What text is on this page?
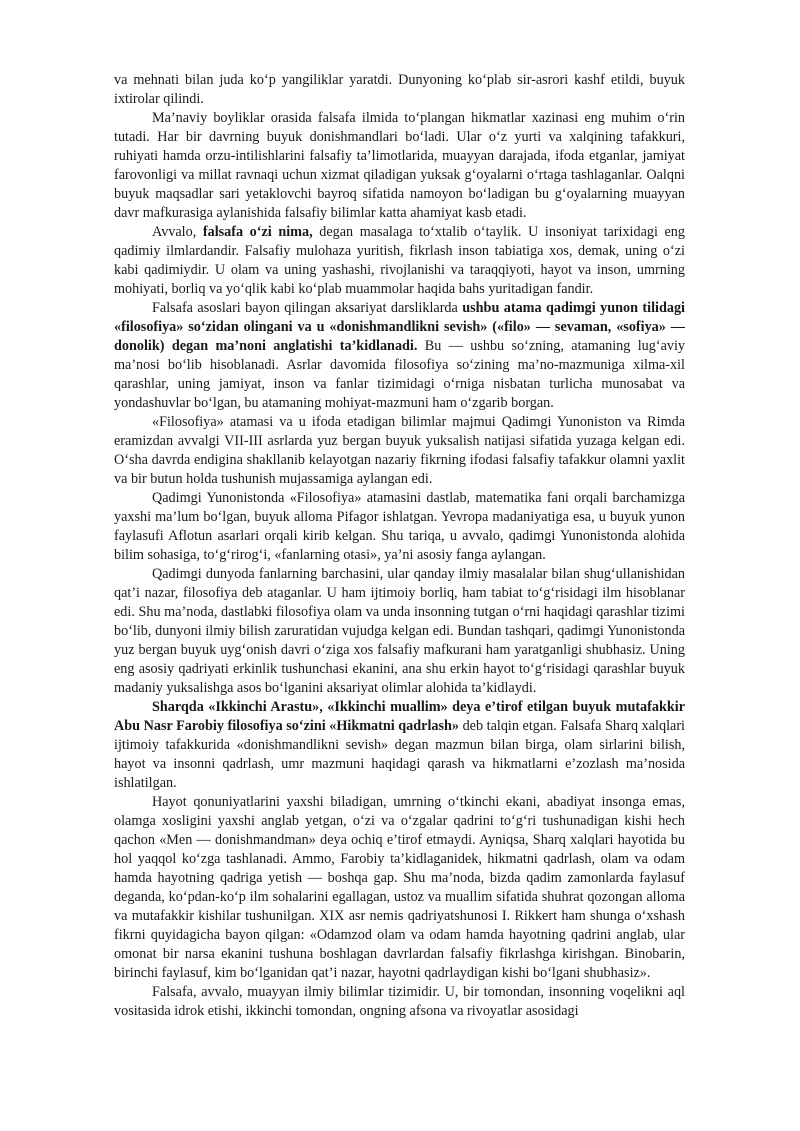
va mehnati bilan juda ko‘p yangiliklar yaratdi. Dunyoning ko‘plab sir-asrori kashf etildi, buyuk ixtirolar qilindi.

Ma’naviy boyliklar orasida falsafa ilmida to‘plangan hikmatlar xazinasi eng muhim o‘rin tutadi. Har bir davrning buyuk donishmandlari bo‘ladi. Ular o‘z yurti va xalqining tafakkuri, ruhiyati hamda orzu-intilishlarini falsafiy ta’limotlarida, muayyan darajada, ifoda etganlar, jamiyat farovonligi va millat ravnaqi uchun xizmat qiladigan yuksak g‘oyalarni o‘rtaga tashlaganlar. Oalqni buyuk maqsadlar sari yetaklovchi bayroq sifatida namoyon bo‘ladigan bu g‘oyalarning muayyan davr mafkurasiga aylanishida falsafiy bilimlar katta ahamiyat kasb etadi.

Avvalo, falsafa o‘zi nima, degan masalaga to‘xtalib o‘taylik. U insoniyat tarixidagi eng qadimiy ilmlardandir. Falsafiy mulohaza yuritish, fikrlash inson tabiatiga xos, demak, uning o‘zi kabi qadimiydir. U olam va uning yashashi, rivojlanishi va taraqqiyoti, hayot va inson, umrning mohiyati, borliq va yo‘qlik kabi ko‘plab muammolar haqida bahs yuritadigan fandir.

Falsafa asoslari bayon qilingan aksariyat darsliklarda ushbu atama qadimgi yunon tilidagi «filosofiya» so‘zidan olingani va u «donishmandlikni sevish» («filo» — sevaman, «sofiya» — donolik) degan ma’noni anglatishi ta’kidlanadi. Bu — ushbu so‘zning, atamaning lug‘aviy ma’nosi bo‘lib hisoblanadi. Asrlar davomida filosofiya so‘zining ma’no-mazmuniga xilma-xil qarashlar, uning jamiyat, inson va fanlar tizimidagi o‘rniga nisbatan turlicha munosabat va yondashuvlar bo‘lgan, bu atamaning mohiyat-mazmuni ham o‘zgarib borgan.

«Filosofiya» atamasi va u ifoda etadigan bilimlar majmui Qadimgi Yunoniston va Rimda eramizdan avvalgi VII-III asrlarda yuz bergan buyuk yuksalish natijasi sifatida yuzaga kelgan edi. O‘sha davrda endigina shakllanib kelayotgan nazariy fikrning ifodasi falsafiy tafakkur olamni yaxlit va bir butun holda tushunish mujassamiga aylangan edi.

Qadimgi Yunonistonda «Filosofiya» atamasini dastlab, matematika fani orqali barchamizga yaxshi ma’lum bo‘lgan, buyuk alloma Pifagor ishlatgan. Yevropa madaniyatiga esa, u buyuk yunon faylasufi Aflotun asarlari orqali kirib kelgan. Shu tariqa, u avvalo, qadimgi Yunonistonda alohida bilim sohasiga, to‘g‘rirog‘i, «fanlarning otasi», ya’ni asosiy fanga aylangan.

Qadimgi dunyoda fanlarning barchasini, ular qanday ilmiy masalalar bilan shug‘ullanishidan qat’i nazar, filosofiya deb ataganlar. U ham ijtimoiy borliq, ham tabiat to‘g‘risidagi ilm hisoblanar edi. Shu ma’noda, dastlabki filosofiya olam va unda insonning tutgan o‘rni haqidagi qarashlar tizimi bo‘lib, dunyoni ilmiy bilish zaruratidan vujudga kelgan edi. Bundan tashqari, qadimgi Yunonistonda yuz bergan buyuk uyg‘onish davri o‘ziga xos falsafiy mafkurani ham yaratganligi shubhasiz. Uning eng asosiy qadriyati erkinlik tushunchasi ekanini, ana shu erkin hayot to‘g‘risidagi qarashlar buyuk madaniy yuksalishga asos bo‘lganini aksariyat olimlar alohida ta’kidlaydi.

Sharqda «Ikkinchi Arastu», «Ikkinchi muallim» deya e’tirof etilgan buyuk mutafakkir Abu Nasr Farobiy filosofiya so‘zini «Hikmatni qadrlash» deb talqin etgan. Falsafa Sharq xalqlari ijtimoiy tafakkurida «donishmandlikni sevish» degan mazmun bilan birga, olam sirlarini bilish, hayot va insonni qadrlash, umr mazmuni haqidagi qarash va hikmatlarni e’zozlash ma’nosida ishlatilgan.

Hayot qonuniyatlarini yaxshi biladigan, umrning o‘tkinchi ekani, abadiyat insonga emas, olamga xosligini yaxshi anglab yetgan, o‘zi va o‘zgalar qadrini to‘g‘ri tushunadigan kishi hech qachon «Men — donishmandman» deya ochiq e’tirof etmaydi. Ayniqsa, Sharq xalqlari hayotida bu hol yaqqol ko‘zga tashlanadi. Ammo, Farobiy ta’kidlaganidek, hikmatni qadrlash, olam va odam hamda hayotning qadriga yetish — boshqa gap. Shu ma’noda, bizda qadim zamonlarda faylasuf deganda, ko‘pdan-ko‘p ilm sohalarini egallagan, ustoz va muallim sifatida shuhrat qozongan alloma va mutafakkir kishilar tushunilgan. XIX asr nemis qadriyatshunosi I. Rikkert ham shunga o‘xshash fikrni quyidagicha bayon qilgan: «Odamzod olam va odam hamda hayotning qadrini anglab, ular omonat bir narsa ekanini tushuna boshlagan davrlardan falsafiy fikrlashga kirishgan. Binobarin, birinchi faylasuf, kim bo‘lganidan qat’i nazar, hayotni qadrlaydigan kishi bo‘lgani shubhasiz».

Falsafa, avvalo, muayyan ilmiy bilimlar tizimidir. U, bir tomondan, insonning voqelikni aql vositasida idrok etishi, ikkinchi tomondan, ongning afsona va rivoyatlar asosidagi
